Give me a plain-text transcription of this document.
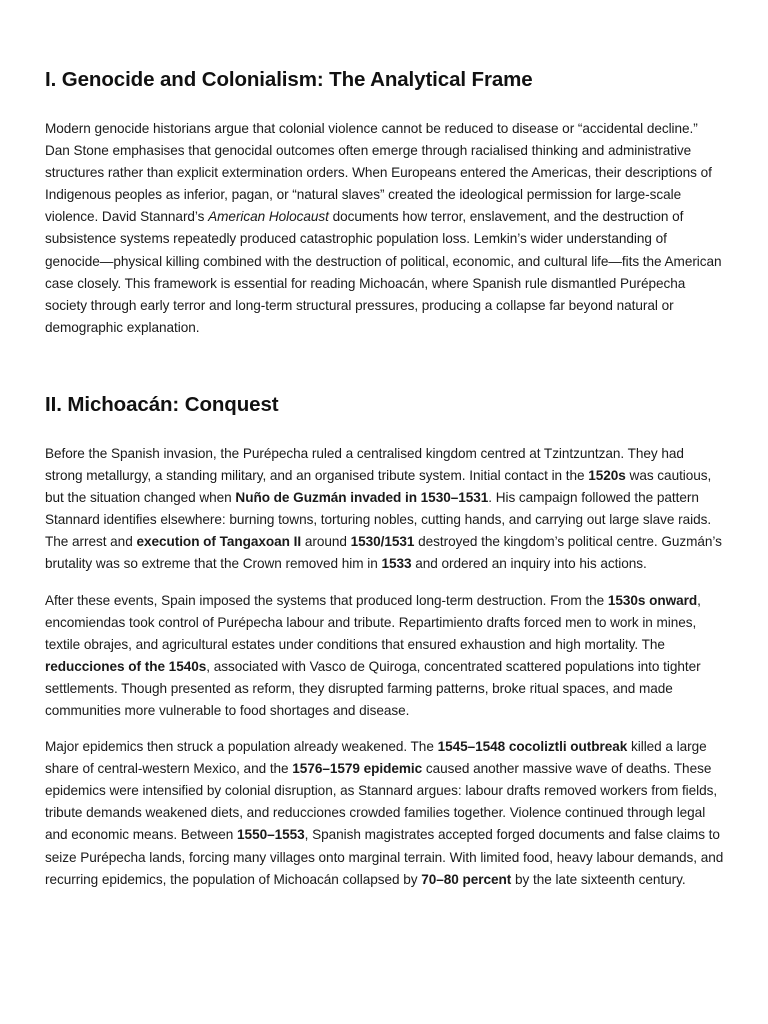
I. Genocide and Colonialism: The Analytical Frame

Modern genocide historians argue that colonial violence cannot be reduced to disease or “accidental decline.” Dan Stone emphasises that genocidal outcomes often emerge through racialised thinking and administrative structures rather than explicit extermination orders. When Europeans entered the Americas, their descriptions of Indigenous peoples as inferior, pagan, or “natural slaves” created the ideological permission for large-scale violence. David Stannard’s American Holocaust documents how terror, enslavement, and the destruction of subsistence systems repeatedly produced catastrophic population loss. Lemkin’s wider understanding of genocide—physical killing combined with the destruction of political, economic, and cultural life—fits the American case closely. This framework is essential for reading Michoacán, where Spanish rule dismantled Purépecha society through early terror and long-term structural pressures, producing a collapse far beyond natural or demographic explanation.

II. Michoacán: Conquest

Before the Spanish invasion, the Purépecha ruled a centralised kingdom centred at Tzintzuntzan. They had strong metallurgy, a standing military, and an organised tribute system. Initial contact in the 1520s was cautious, but the situation changed when Nuño de Guzmán invaded in 1530–1531. His campaign followed the pattern Stannard identifies elsewhere: burning towns, torturing nobles, cutting hands, and carrying out large slave raids. The arrest and execution of Tangaxoan II around 1530/1531 destroyed the kingdom’s political centre. Guzmán’s brutality was so extreme that the Crown removed him in 1533 and ordered an inquiry into his actions.

After these events, Spain imposed the systems that produced long-term destruction. From the 1530s onward, encomiendas took control of Purépecha labour and tribute. Repartimiento drafts forced men to work in mines, textile obrajes, and agricultural estates under conditions that ensured exhaustion and high mortality. The reducciones of the 1540s, associated with Vasco de Quiroga, concentrated scattered populations into tighter settlements. Though presented as reform, they disrupted farming patterns, broke ritual spaces, and made communities more vulnerable to food shortages and disease.

Major epidemics then struck a population already weakened. The 1545–1548 cocoliztli outbreak killed a large share of central-western Mexico, and the 1576–1579 epidemic caused another massive wave of deaths. These epidemics were intensified by colonial disruption, as Stannard argues: labour drafts removed workers from fields, tribute demands weakened diets, and reducciones crowded families together. Violence continued through legal and economic means. Between 1550–1553, Spanish magistrates accepted forged documents and false claims to seize Purépecha lands, forcing many villages onto marginal terrain. With limited food, heavy labour demands, and recurring epidemics, the population of Michoacán collapsed by 70–80 percent by the late sixteenth century.
